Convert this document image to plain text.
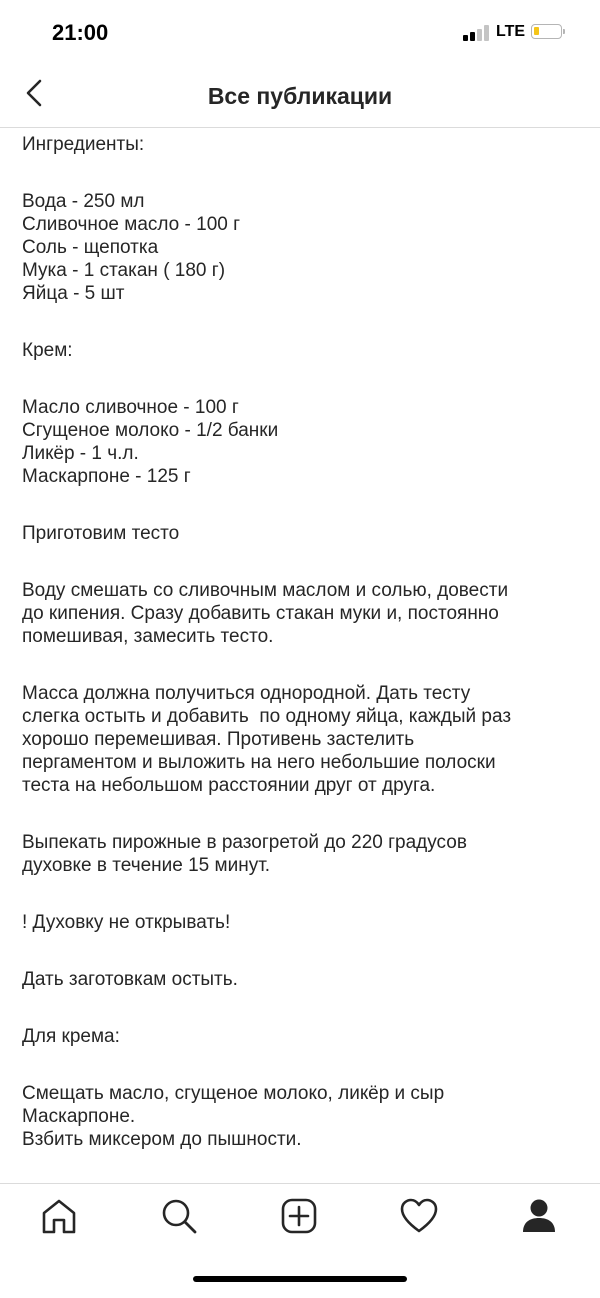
21:00	LTE
Все публикации
Ингредиенты:
Вода - 250 мл
Сливочное масло - 100 г
Соль - щепотка
Мука - 1 стакан ( 180 г)
Яйца - 5 шт
Крем:
Масло сливочное - 100 г
Сгущеное молоко - 1/2 банки
Ликёр - 1 ч.л.
Маскарпоне - 125 г
Приготовим тесто
Воду смешать со сливочным маслом и солью, довести
до кипения. Сразу добавить стакан муки и, постоянно
помешивая, замесить тесто.
Масса должна получиться однородной. Дать тесту
слегка остыть и добавить  по одному яйца, каждый раз
хорошо перемешивая. Противень застелить
пергаментом и выложить на него небольшие полоски
теста на небольшом расстоянии друг от друга.
Выпекать пирожные в разогретой до 220 градусов
духовке в течение 15 минут.
! Духовку не открывать!
Дать заготовкам остыть.
Для крема:
Смещать масло, сгущеное молоко, ликёр и сыр
Маскарпоне.
Взбить миксером до пышности.
